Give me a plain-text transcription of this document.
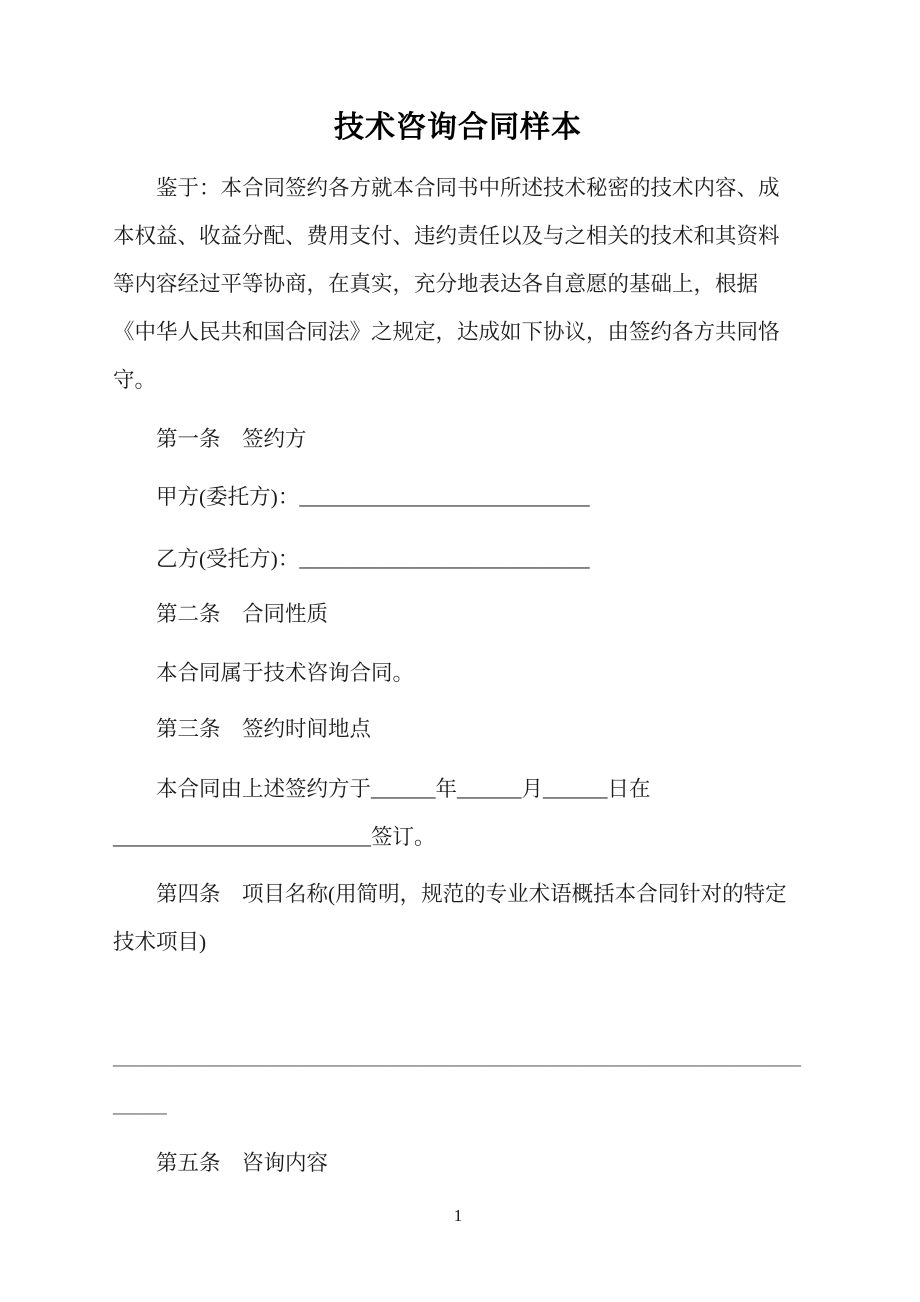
技术咨询合同样本
鉴于：本合同签约各方就本合同书中所述技术秘密的技术内容、成
本权益、收益分配、费用支付、违约责任以及与之相关的技术和其资料
等内容经过平等协商，在真实，充分地表达各自意愿的基础上，根据
《中华人民共和国合同法》之规定，达成如下协议，由签约各方共同恪
守。
第一条　签约方
甲方(委托方)：___________________________
乙方(受托方)：___________________________
第二条　合同性质
本合同属于技术咨询合同。
第三条　签约时间地点
本合同由上述签约方于______年______月______日在
________________________签订。
第四条　项目名称(用简明，规范的专业术语概括本合同针对的特定
技术项目)
________________________________________________________________
_____
第五条　咨询内容
1
